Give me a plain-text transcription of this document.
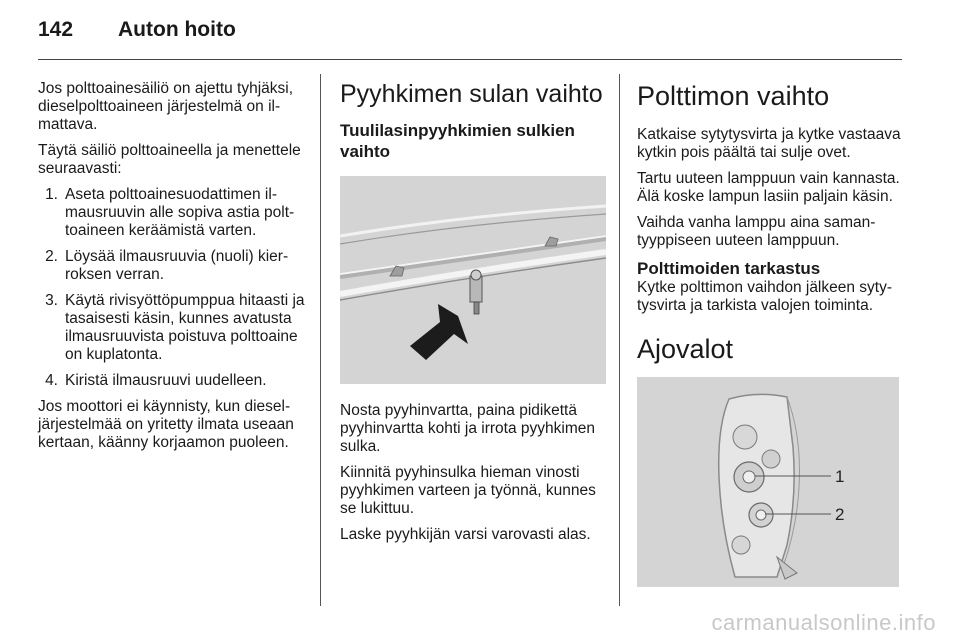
142	Auton hoito

Jos polttoainesäiliö on ajettu tyhjäksi, dieselpolttoaineen järjestelmä on ilmattava.

Täytä säiliö polttoaineella ja menettele seuraavasti:

1. Aseta polttoainesuodattimen ilmausruuvin alle sopiva astia polttoaineen keräämistä varten.
2. Löysää ilmausruuvia (nuoli) kierroksen verran.
3. Käytä rivisyöttöpumppua hitaasti ja tasaisesti käsin, kunnes avatusta ilmausruuvista poistuva polttoaine on kuplatonta.
4. Kiristä ilmausruuvi uudelleen.

Jos moottori ei käynnisty, kun dieseljärjestelmää on yritetty ilmata useaan kertaan, käänny korjaamon puoleen.

Pyyhkimen sulan vaihto
Tuulilasinpyyhkimien sulkien vaihto

Nosta pyyhinvartta, paina pidikettä pyyhinvartta kohti ja irrota pyyhkimen sulka.

Kiinnitä pyyhinsulka hieman vinosti pyyhkimen varteen ja työnnä, kunnes se lukittuu.

Laske pyyhkijän varsi varovasti alas.

Polttimon vaihto

Katkaise sytytysvirta ja kytke vastaava kytkin pois päältä tai sulje ovet.

Tartu uuteen lamppuun vain kannasta. Älä koske lampun lasiin paljain käsin.

Vaihda vanha lamppu aina samantyyppiseen uuteen lamppuun.

Polttimoiden tarkastus

Kytke polttimon vaihdon jälkeen sytytysvirta ja tarkista valojen toiminta.

Ajovalot
1
2
carmanualsonline.info
